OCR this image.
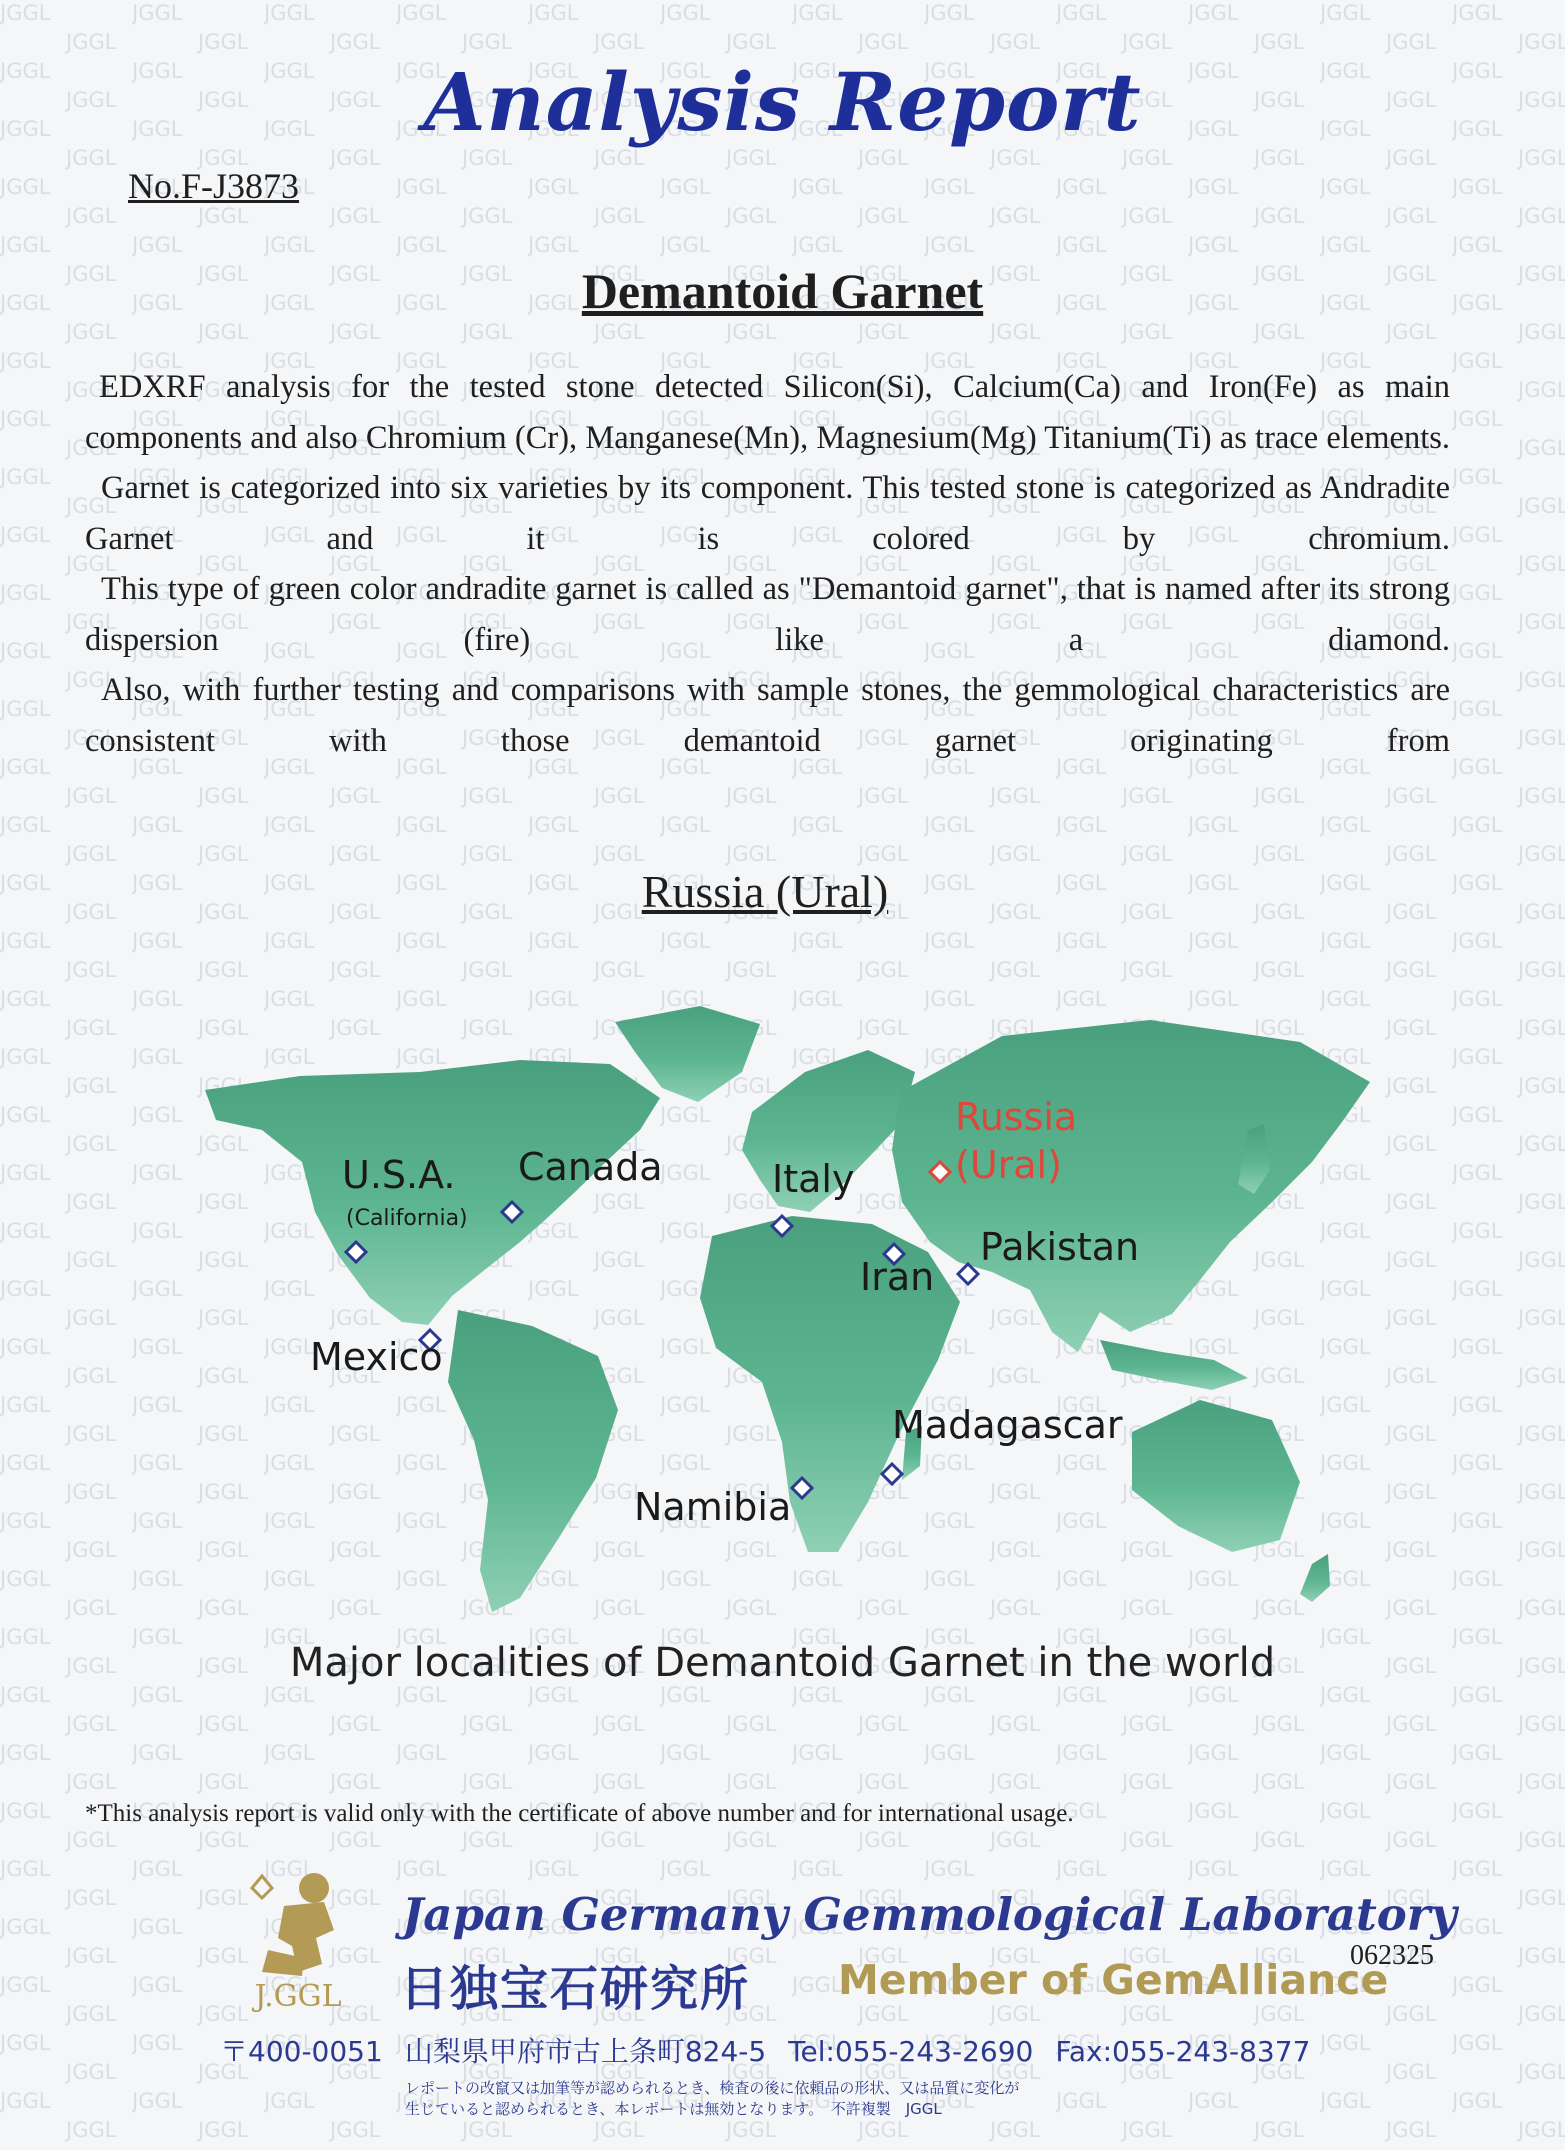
Analysis Report
No.F-J3873
Demantoid Garnet

EDXRF analysis for the tested stone detected Silicon(Si), Calcium(Ca) and Iron(Fe) as main components and also Chromium (Cr), Manganese(Mn), Magnesium(Mg) Titanium(Ti) as trace elements.

Garnet is categorized into six varieties by its component. This tested stone is categorized as Andradite Garnet and it is colored by chromium.

This type of green color andradite garnet is called as "Demantoid garnet", that is named after its strong dispersion (fire) like a diamond.

Also, with further testing and comparisons with sample stones, the gemmological characteristics are consistent with those demantoid garnet originating from

Russia (Ural)
U.S.A.
(California)
Canada
Mexico
Italy
Russia
(Ural)
Iran
Pakistan
Madagascar
Namibia
Major localities of Demantoid Garnet in the world
*This analysis report is valid only with the certificate of above number and for international usage.
J.GGL
Japan Germany Gemmological Laboratory
日独宝石研究所 Member of GemAlliance
062325
〒400-0051 山梨県甲府市古上条町824-5 Tel:055-243-2690 Fax:055-243-8377
レポートの改竄又は加筆等が認められるとき、検査の後に依頼品の形状、又は品質に変化が
生じていると認められるとき、本レポートは無効となります。　不許複製　JGGL
